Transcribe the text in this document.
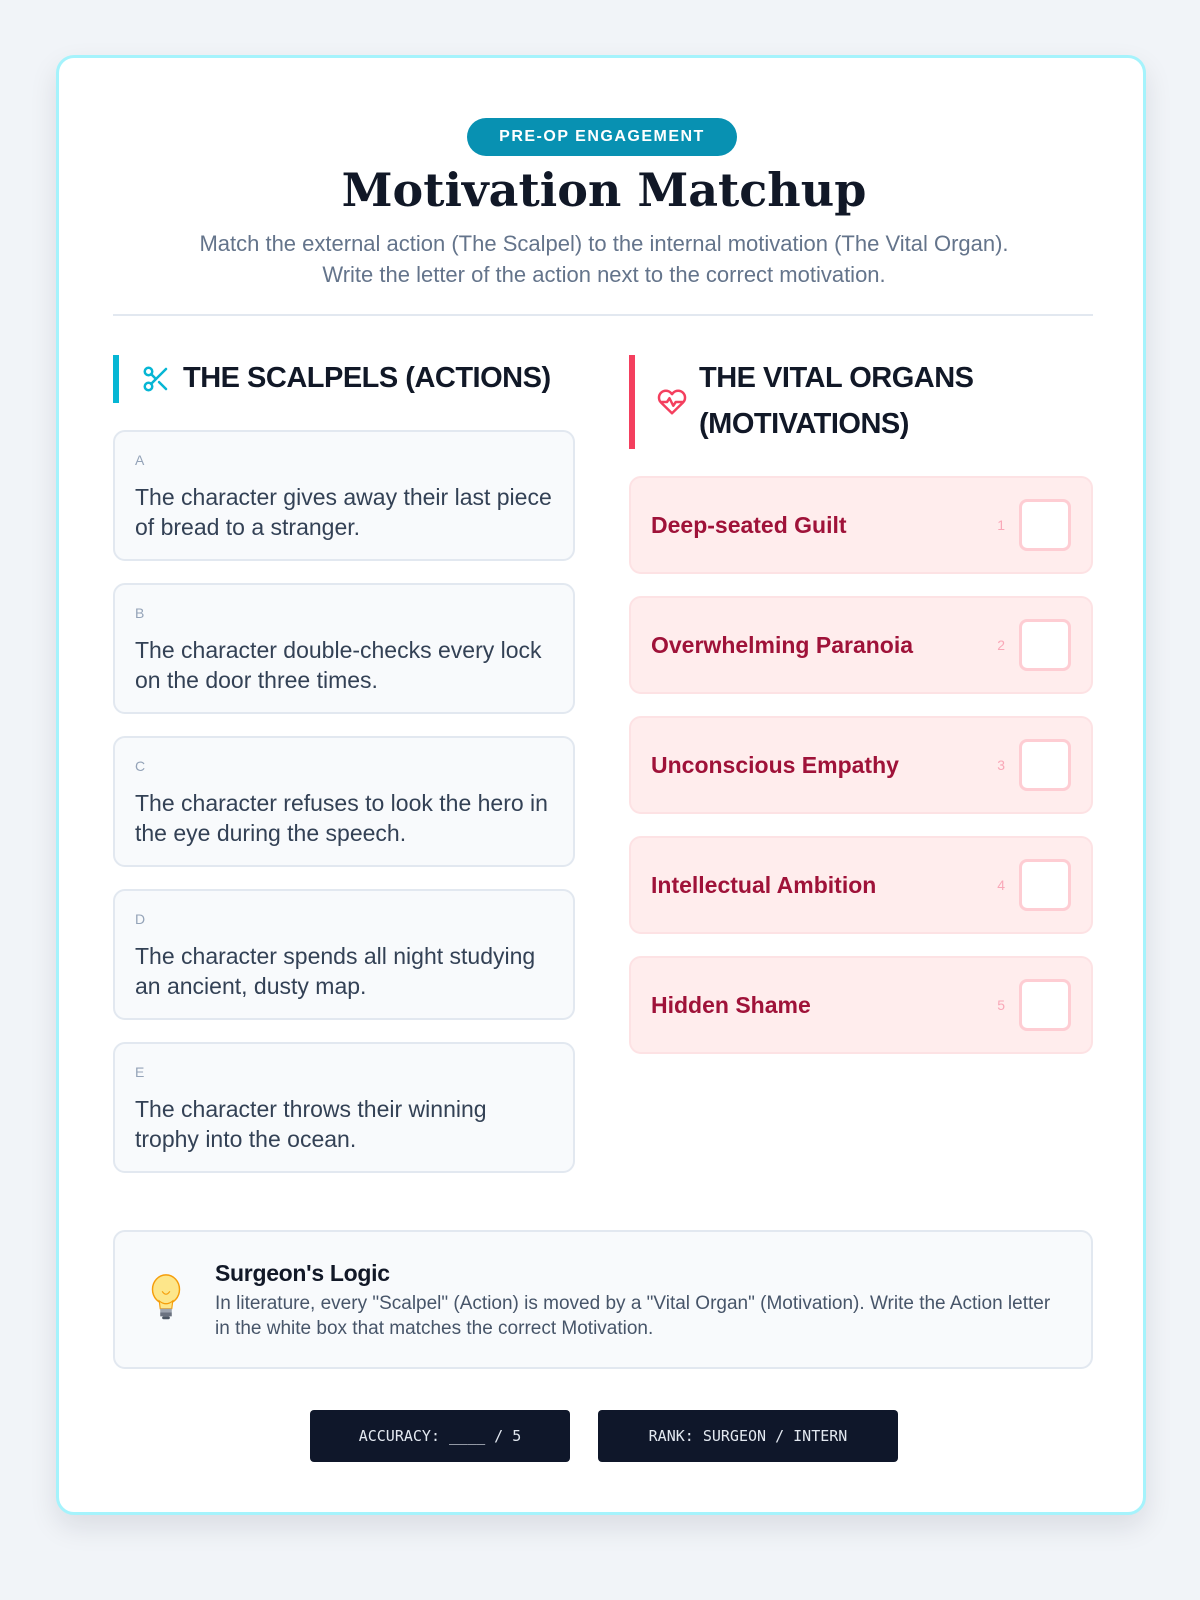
PRE-OP ENGAGEMENT
Motivation Matchup
Match the external action (The Scalpel) to the internal motivation (The Vital Organ). Write the letter of the action next to the correct motivation.
THE SCALPELS (ACTIONS)	THE VITAL ORGANS (MOTIVATIONS)
A
The character gives away their last piece of bread to a stranger.
B
The character double-checks every lock on the door three times.
C
The character refuses to look the hero in the eye during the speech.
D
The character spends all night studying an ancient, dusty map.
E
The character throws their winning trophy into the ocean.
Deep-seated Guilt	1
Overwhelming Paranoia	2
Unconscious Empathy	3
Intellectual Ambition	4
Hidden Shame	5
Surgeon's Logic
In literature, every "Scalpel" (Action) is moved by a "Vital Organ" (Motivation). Write the Action letter in the white box that matches the correct Motivation.
ACCURACY: ____ / 5	RANK: SURGEON / INTERN
